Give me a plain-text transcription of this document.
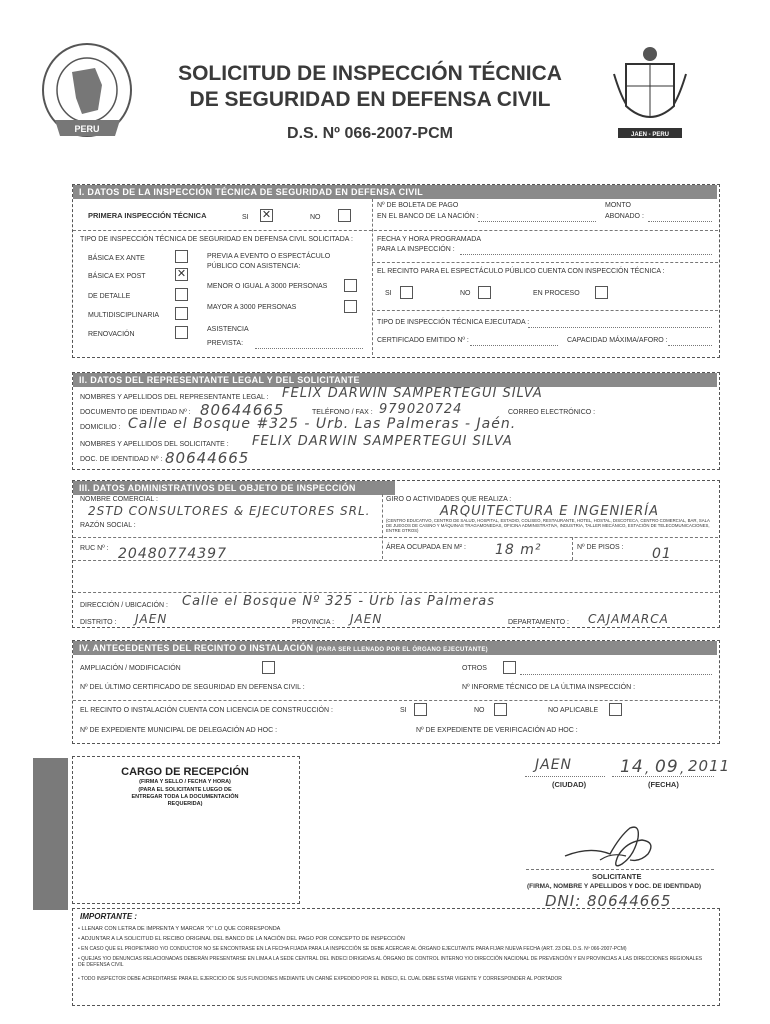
PERU
SOLICITUD DE INSPECCIÓN TÉCNICA
DE SEGURIDAD EN DEFENSA CIVIL
D.S. Nº 066-2007-PCM	JAEN - PERU
I. DATOS DE LA INSPECCIÓN TÉCNICA DE SEGURIDAD EN DEFENSA CIVIL
PRIMERA INSPECCIÓN TÉCNICA	SI
✕	NO
Nº DE BOLETA DE PAGO
EN EL BANCO DE LA NACIÓN :
MONTO
ABONADO :
TIPO DE INSPECCIÓN TÉCNICA DE SEGURIDAD EN DEFENSA CIVIL SOLICITADA :
BÁSICA EX ANTE
BÁSICA EX POST
✕
DE DETALLE
MULTIDISCIPLINARIA
RENOVACIÓN
PREVIA A EVENTO O ESPECTÁCULO
PÚBLICO CON ASISTENCIA:
MENOR O IGUAL A 3000 PERSONAS
MAYOR A 3000 PERSONAS
ASISTENCIA
PREVISTA:
FECHA Y HORA PROGRAMADA
PARA LA INSPECCIÓN :
EL RECINTO PARA EL ESPECTÁCULO PÚBLICO CUENTA CON INSPECCIÓN TÉCNICA :
SI	NO	EN PROCESO
TIPO DE INSPECCIÓN TÉCNICA EJECUTADA :
CERTIFICADO EMITIDO Nº :	CAPACIDAD MÁXIMA/AFORO :
II. DATOS DEL REPRESENTANTE LEGAL Y DEL SOLICITANTE
NOMBRES Y APELLIDOS DEL REPRESENTANTE LEGAL : FELIX DARWIN SAMPERTEGUI SILVA
DOCUMENTO DE IDENTIDAD Nº : 80644665	TELÉFONO / FAX : 979020724	CORREO ELECTRÓNICO :
DOMICILIO : Calle el Bosque #325 - Urb. Las Palmeras - Jaén.
NOMBRES Y APELLIDOS DEL SOLICITANTE : FELIX DARWIN SAMPERTEGUI SILVA
DOC. DE IDENTIDAD Nº : 80644665
III. DATOS ADMINISTRATIVOS DEL OBJETO DE INSPECCIÓN
NOMBRE COMERCIAL :
2STD CONSULTORES & EJECUTORES SRL.
GIRO O ACTIVIDADES QUE REALIZA :
ARQUITECTURA E INGENIERÍA
RAZÓN SOCIAL :
(CENTRO EDUCATIVO, CENTRO DE SALUD, HOSPITAL, ESTADIO, COLISEO, RESTAURANTE, HOTEL, HOSTAL, DISCOTECA, CENTRO COMERCIAL, BAR, SALA DE JUEGOS DE CASINO Y MÁQUINAS TRAGAMONEDAS, OFICINA ADMINISTRATIVA, INDUSTRIA, TALLER MECÁNICO, ESTACIÓN DE TELECOMUNICACIONES, ENTRE OTROS)
RUC Nº : 20480774397	ÁREA OCUPADA EN M² : 18 m²	Nº DE PISOS : 01
DIRECCIÓN / UBICACIÓN : Calle el Bosque Nº 325 - Urb las Palmeras
DISTRITO : JAEN	PROVINCIA : JAEN	DEPARTAMENTO : CAJAMARCA
IV. ANTECEDENTES DEL RECINTO O INSTALACIÓN (PARA SER LLENADO POR EL ÓRGANO EJECUTANTE)
AMPLIACIÓN / MODIFICACIÓN	OTROS
Nº DEL ÚLTIMO CERTIFICADO DE SEGURIDAD EN DEFENSA CIVIL :	Nº INFORME TÉCNICO DE LA ÚLTIMA INSPECCIÓN :
EL RECINTO O INSTALACIÓN CUENTA CON LICENCIA DE CONSTRUCCIÓN :	SI	NO	NO APLICABLE
Nº DE EXPEDIENTE MUNICIPAL DE DELEGACIÓN AD HOC :	Nº DE EXPEDIENTE DE VERIFICACIÓN AD HOC :
CARGO DE RECEPCIÓN
(FIRMA Y SELLO / FECHA Y HORA)
(PARA EL SOLICITANTE LUEGO DE
ENTREGAR TODA LA DOCUMENTACIÓN
REQUERIDA)
JAEN	14 , 09 , 2011
(CIUDAD)	(FECHA)
SOLICITANTE
(FIRMA, NOMBRE Y APELLIDOS Y DOC. DE IDENTIDAD)
DNI: 80644665
IMPORTANTE :
• LLENAR CON LETRA DE IMPRENTA Y MARCAR "X" LO QUE CORRESPONDA
• ADJUNTAR A LA SOLICITUD EL RECIBO ORIGINAL DEL BANCO DE LA NACIÓN DEL PAGO POR CONCEPTO DE INSPECCIÓN
• EN CASO QUE EL PROPIETARIO Y/O CONDUCTOR NO SE ENCONTRASE EN LA FECHA FIJADA PARA LA INSPECCIÓN SE DEBE ACERCAR AL ÓRGANO EJECUTANTE PARA FIJAR NUEVA FECHA (ART. 23 DEL D.S. Nº 066-2007-PCM)
• QUEJAS Y/O DENUNCIAS RELACIONADAS DEBERÁN PRESENTARSE EN LIMA A LA SEDE CENTRAL DEL INDECI DIRIGIDAS AL ÓRGANO DE CONTROL INTERNO Y/O DIRECCIÓN NACIONAL DE PREVENCIÓN Y EN PROVINCIAS A LAS DIRECCIONES REGIONALES DE DEFENSA CIVIL
• TODO INSPECTOR DEBE ACREDITARSE PARA EL EJERCICIO DE SUS FUNCIONES MEDIANTE UN CARNÉ EXPEDIDO POR EL INDECI, EL CUAL DEBE ESTAR VIGENTE Y CORRESPONDER AL PORTADOR
